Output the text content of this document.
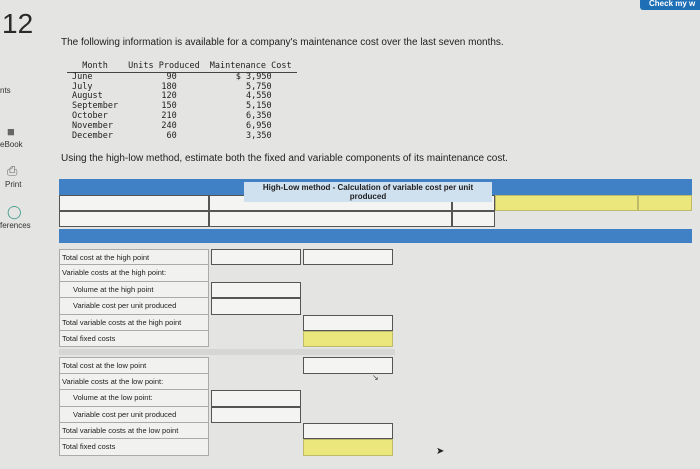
12
nts
■
eBook
⎙
Print
◯
ferences
Check my w
The following information is available for a company's maintenance cost over the last seven months.
Month	Units Produced	Maintenance Cost
June	90	$ 3,950
July	180	5,750
August	120	4,550
September	150	5,150
October	210	6,350
November	240	6,950
December	60	3,350
Using the high-low method, estimate both the fixed and variable components of its maintenance cost.
High-Low method - Calculation of variable cost per unit produced
Total cost at the high point
Variable costs at the high point:
Volume at the high point
Variable cost per unit produced
Total variable costs at the high point
Total fixed costs
Total cost at the low point
Variable costs at the low point:
Volume at the low point:
Variable cost per unit produced
Total variable costs at the low point
Total fixed costs
↘
➤
